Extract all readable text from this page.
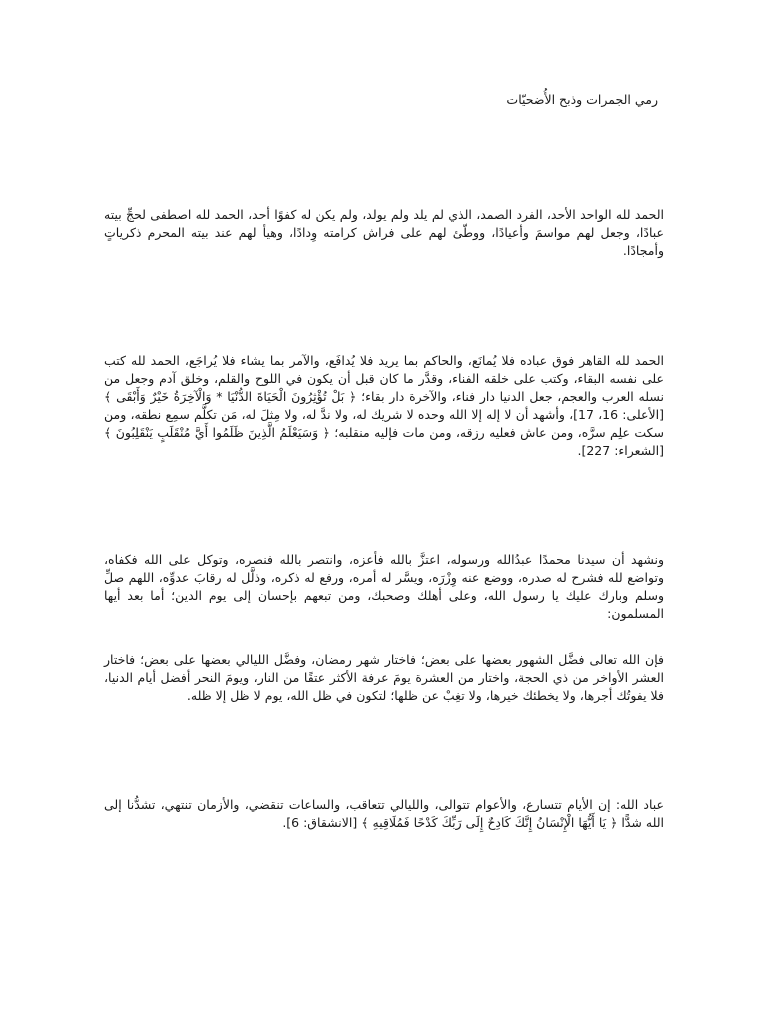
رمي الجمرات وذبح الأُضحيّات

الحمد لله الواحد الأحد، الفرد الصمد، الذي لم يلد ولم يولد، ولم يكن له كفوًا أحد، الحمد لله اصطفى لحجِّ بيته عبادًا، وجعل لهم مواسمَ وأعيادًا، ووطّئ لهم على فراش كرامته وِدادًا، وهيأ لهم عند بيته المحرم ذكرياتٍ وأمجادًا.

الحمد لله القاهر فوق عباده فلا يُمانَع، والحاكم بما يريد فلا يُدافَع، والآمر بما يشاء فلا يُراجَع، الحمد لله كتب على نفسه البقاء، وكتب على خلقه الفناء، وقدَّر ما كان قبل أن يكون في اللوح والقلم، وخلق آدم وجعل من نسله العرب والعجم، جعل الدنيا دار فناء، والآخرة دار بقاء؛ ﴿ بَلْ تُؤْثِرُونَ الْحَيَاةَ الدُّنْيَا * وَالْآخِرَةُ خَيْرٌ وَأَبْقَى ﴾ [الأعلى: 16، 17]، وأشهد أن لا إله إلا الله وحده لا شريك له، ولا ندَّ له، ولا مِثلَ له، مَن تكلَّم سمِع نطقه، ومن سكت علِم سرَّه، ومن عاش فعليه رزقه، ومن مات فإليه منقلبه؛ ﴿ وَسَيَعْلَمُ الَّذِينَ ظَلَمُوا أَيَّ مُنْقَلَبٍ يَنْقَلِبُونَ ﴾ [الشعراء: 227].

ونشهد أن سيدنا محمدًا عبدُالله ورسوله، اعتزَّ بالله فأعزه، وانتصر بالله فنصره، وتوكل على الله فكفاه، وتواضع لله فشرح له صدره، ووضع عنه وِزْرَه، ويسَّر له أمره، ورفع له ذكره، وذلَّل له رقابَ عدوِّه، اللهم صلِّ وسلم وبارك عليك يا رسول الله، وعلى أهلك وصحبك، ومن تبعهم بإحسان إلى يوم الدين؛ أما بعد أيها المسلمون:

فإن الله تعالى فضَّل الشهور بعضها على بعض؛ فاختار شهر رمضان، وفضَّل الليالي بعضها على بعض؛ فاختار العشر الأواخر من ذي الحجة، واختار من العشرة يومَ عرفة الأكثر عتقًا من النار، ويومَ النحر أفضل أيام الدنيا، فلا يفوتُك أجرها، ولا يخطئك خيرها، ولا تغِبْ عن ظلها؛ لتكون في ظل الله، يوم لا ظل إلا ظله.

عباد الله: إن الأيام تتسارع، والأعوام تتوالى، والليالي تتعاقب، والساعات تنقضي، والأزمان تنتهي، تشدُّنا إلى الله شدًّا ﴿ يَا أَيُّهَا الْإِنْسَانُ إِنَّكَ كَادِحٌ إِلَى رَبِّكَ كَدْحًا فَمُلَاقِيهِ ﴾ [الانشقاق: 6].
